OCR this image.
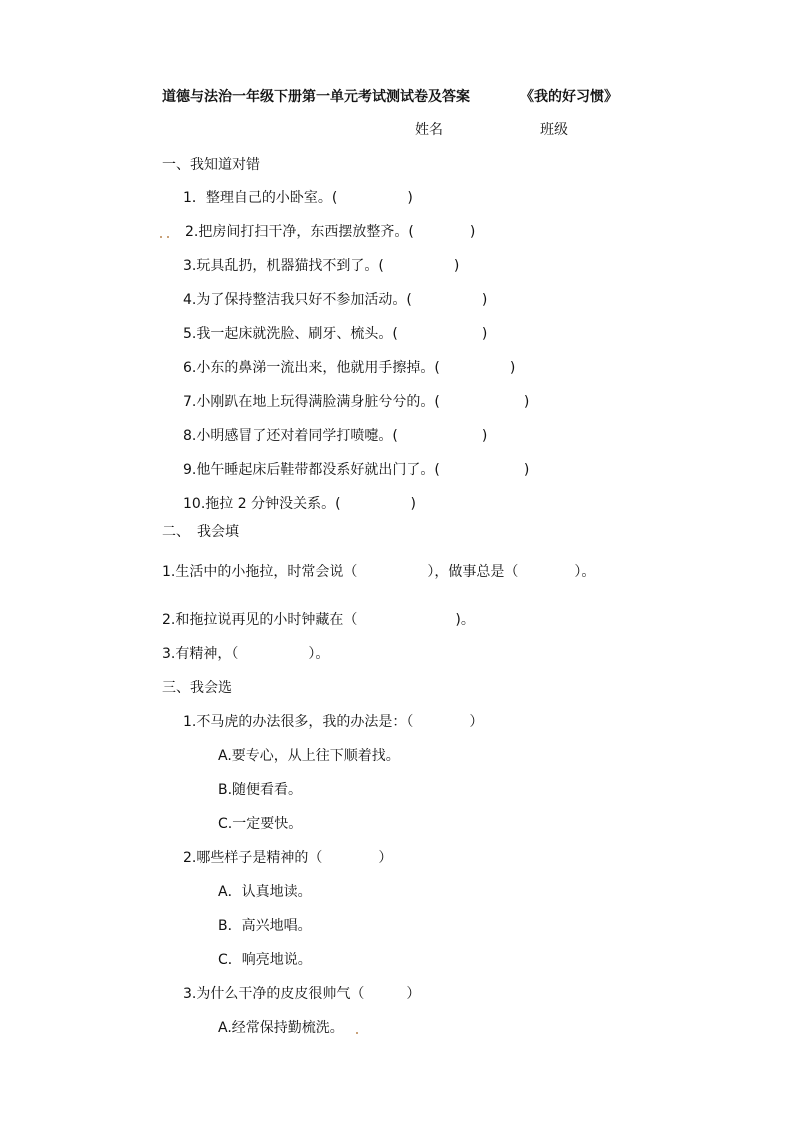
道德与法治一年级下册第一单元考试测试卷及答案	《我的好习惯》
姓名	班级
一、我知道对错
1．整理自己的小卧室。(　　　　　)
2.把房间打扫干净，东西摆放整齐。(　　　　)
3.玩具乱扔，机器猫找不到了。(　　　　　)
4.为了保持整洁我只好不参加活动。(　　　　　)
5.我一起床就洗脸、刷牙、梳头。(　　　　　　)
6.小东的鼻涕一流出来，他就用手擦掉。(　　　　　)
7.小刚趴在地上玩得满脸满身脏兮兮的。(　　　　　　)
8.小明感冒了还对着同学打喷嚏。(　　　　　　)
9.他午睡起床后鞋带都没系好就出门了。(　　　　　　)
10.拖拉 2 分钟没关系。(　　　　　)
二、　我会填
1.生活中的小拖拉，时常会说（　　　　　），做事总是（　　　　）。
2.和拖拉说再见的小时钟藏在（　　　　　　　)。
3.有精神，（　　　　　）。
三、我会选
1.不马虎的办法很多，我的办法是：（　　　　）
A.要专心，从上往下顺着找。
B.随便看看。
C.一定要快。
2.哪些样子是精神的（　　　　）
A．认真地读。
B．高兴地唱。
C．响亮地说。
3.为什么干净的皮皮很帅气（　　　）
A.经常保持勤梳洗。
